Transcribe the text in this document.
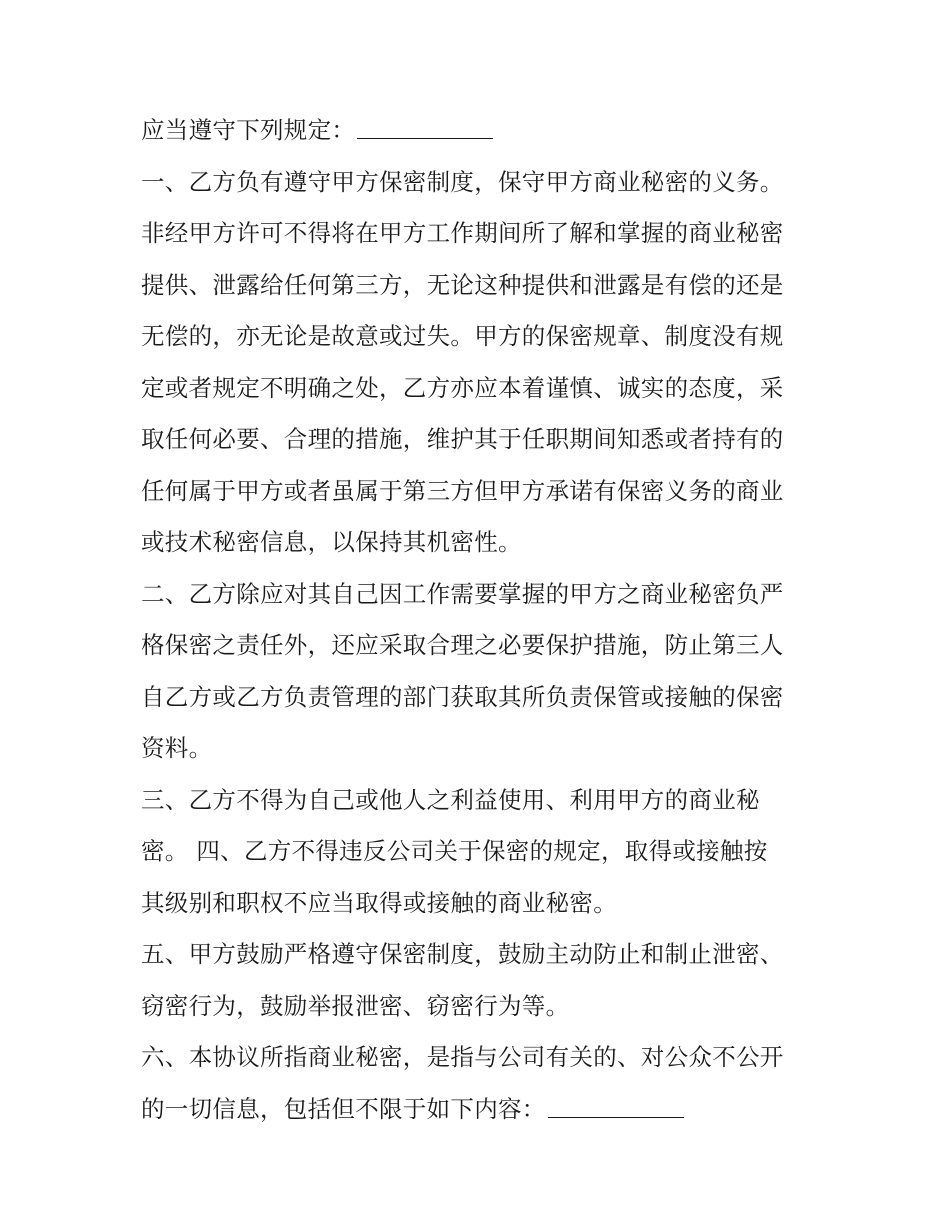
应当遵守下列规定：
一、乙方负有遵守甲方保密制度，保守甲方商业秘密的义务。
非经甲方许可不得将在甲方工作期间所了解和掌握的商业秘密
提供、泄露给任何第三方，无论这种提供和泄露是有偿的还是
无偿的，亦无论是故意或过失。甲方的保密规章、制度没有规
定或者规定不明确之处，乙方亦应本着谨慎、诚实的态度，采
取任何必要、合理的措施，维护其于任职期间知悉或者持有的
任何属于甲方或者虽属于第三方但甲方承诺有保密义务的商业
或技术秘密信息，以保持其机密性。
二、乙方除应对其自己因工作需要掌握的甲方之商业秘密负严
格保密之责任外，还应采取合理之必要保护措施，防止第三人
自乙方或乙方负责管理的部门获取其所负责保管或接触的保密
资料。
三、乙方不得为自己或他人之利益使用、利用甲方的商业秘
密。 四、乙方不得违反公司关于保密的规定，取得或接触按
其级别和职权不应当取得或接触的商业秘密。
五、甲方鼓励严格遵守保密制度，鼓励主动防止和制止泄密、
窃密行为，鼓励举报泄密、窃密行为等。
六、本协议所指商业秘密，是指与公司有关的、对公众不公开
的一切信息，包括但不限于如下内容：
